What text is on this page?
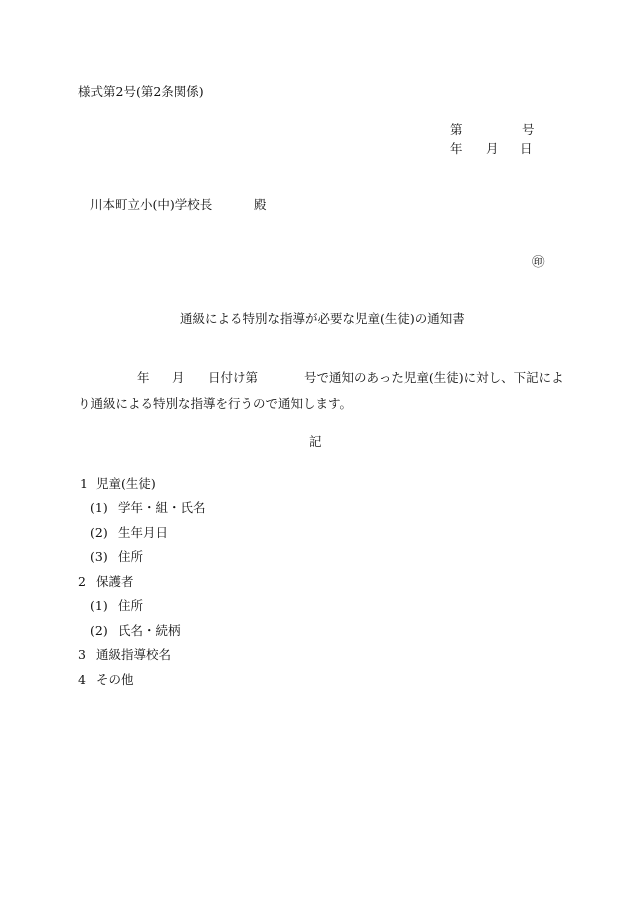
様式第2号(第2条関係)
第	号
年 月 日
川本町立小(中)学校長	殿
㊞
通級による特別な指導が必要な児童(生徒)の通知書
年 月 日付け第	号で通知のあった児童(生徒)に対し、下記によ
り通級による特別な指導を行うので通知します。
記
1 児童(生徒)
(1) 学年・組・氏名
(2) 生年月日
(3) 住所
2 保護者
(1) 住所
(2) 氏名・続柄
3 通級指導校名
4 その他
